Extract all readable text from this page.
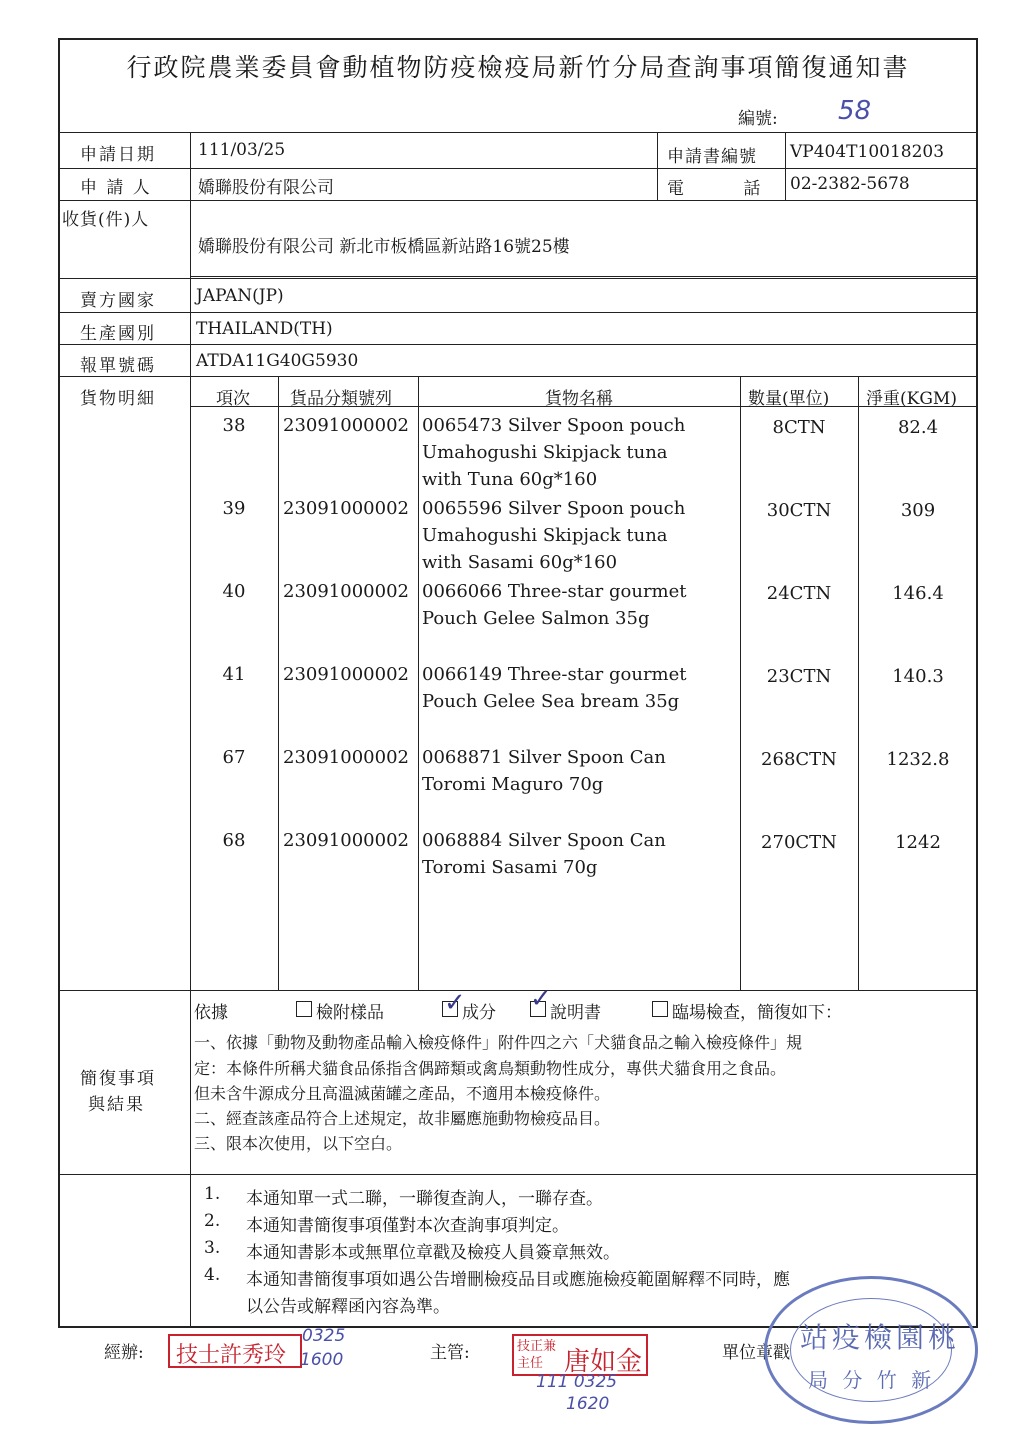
行政院農業委員會動植物防疫檢疫局新竹分局查詢事項簡復通知書
編號: 58
申請日期 111/03/25	申請書編號 VP404T10018203
申 請 人	嬌聯股份有限公司	電 話 02-2382-5678
收貨(件)人
嬌聯股份有限公司 新北市板橋區新站路16號25樓
賣方國家 JAPAN(JP)
生產國別 THAILAND(TH)
報單號碼 ATDA11G40G5930
貨物明細	項次 貨品分類號列	貨物名稱	數量(單位) 淨重(KGM)
38	23091000002 0065473 Silver Spoon pouch
Umahogushi Skipjack tuna
with Tuna 60g*160
8CTN	82.4
39	23091000002 0065596 Silver Spoon pouch
Umahogushi Skipjack tuna
with Sasami 60g*160
30CTN	309
40	23091000002 0066066 Three-star gourmet
Pouch Gelee Salmon 35g
24CTN	146.4
41	23091000002 0066149 Three-star gourmet
Pouch Gelee Sea bream 35g
23CTN	140.3
67	23091000002 0068871 Silver Spoon Can
Toromi Maguro 70g
268CTN	1232.8
68	23091000002 0068884 Silver Spoon Can
Toromi Sasami 70g
270CTN	1242
簡復事項
與結果
依據	檢附樣品 ✓
成分 ✓
說明書	臨場檢查，簡復如下：
一、依據「動物及動物產品輸入檢疫條件」附件四之六「犬貓食品之輸入檢疫條件」規
定：本條件所稱犬貓食品係指含偶蹄類或禽鳥類動物性成分，專供犬貓食用之食品。
但未含牛源成分且高溫滅菌罐之產品，不適用本檢疫條件。
二、經查該產品符合上述規定，故非屬應施動物檢疫品目。
三、限本次使用，以下空白。
1. 本通知單一式二聯，一聯復查詢人，一聯存查。
2. 本通知書簡復事項僅對本次查詢事項判定。
3. 本通知書影本或無單位章戳及檢疫人員簽章無效。
4. 本通知書簡復事項如遇公告增刪檢疫品目或應施檢疫範圍解釋不同時，應
以公告或解釋函內容為準。
經辦:	技士許秀玲
0325
1600	主管:	技正兼主任 唐如金
111 0325
1620
單位章戳 站疫檢園桃
局 分 竹 新
